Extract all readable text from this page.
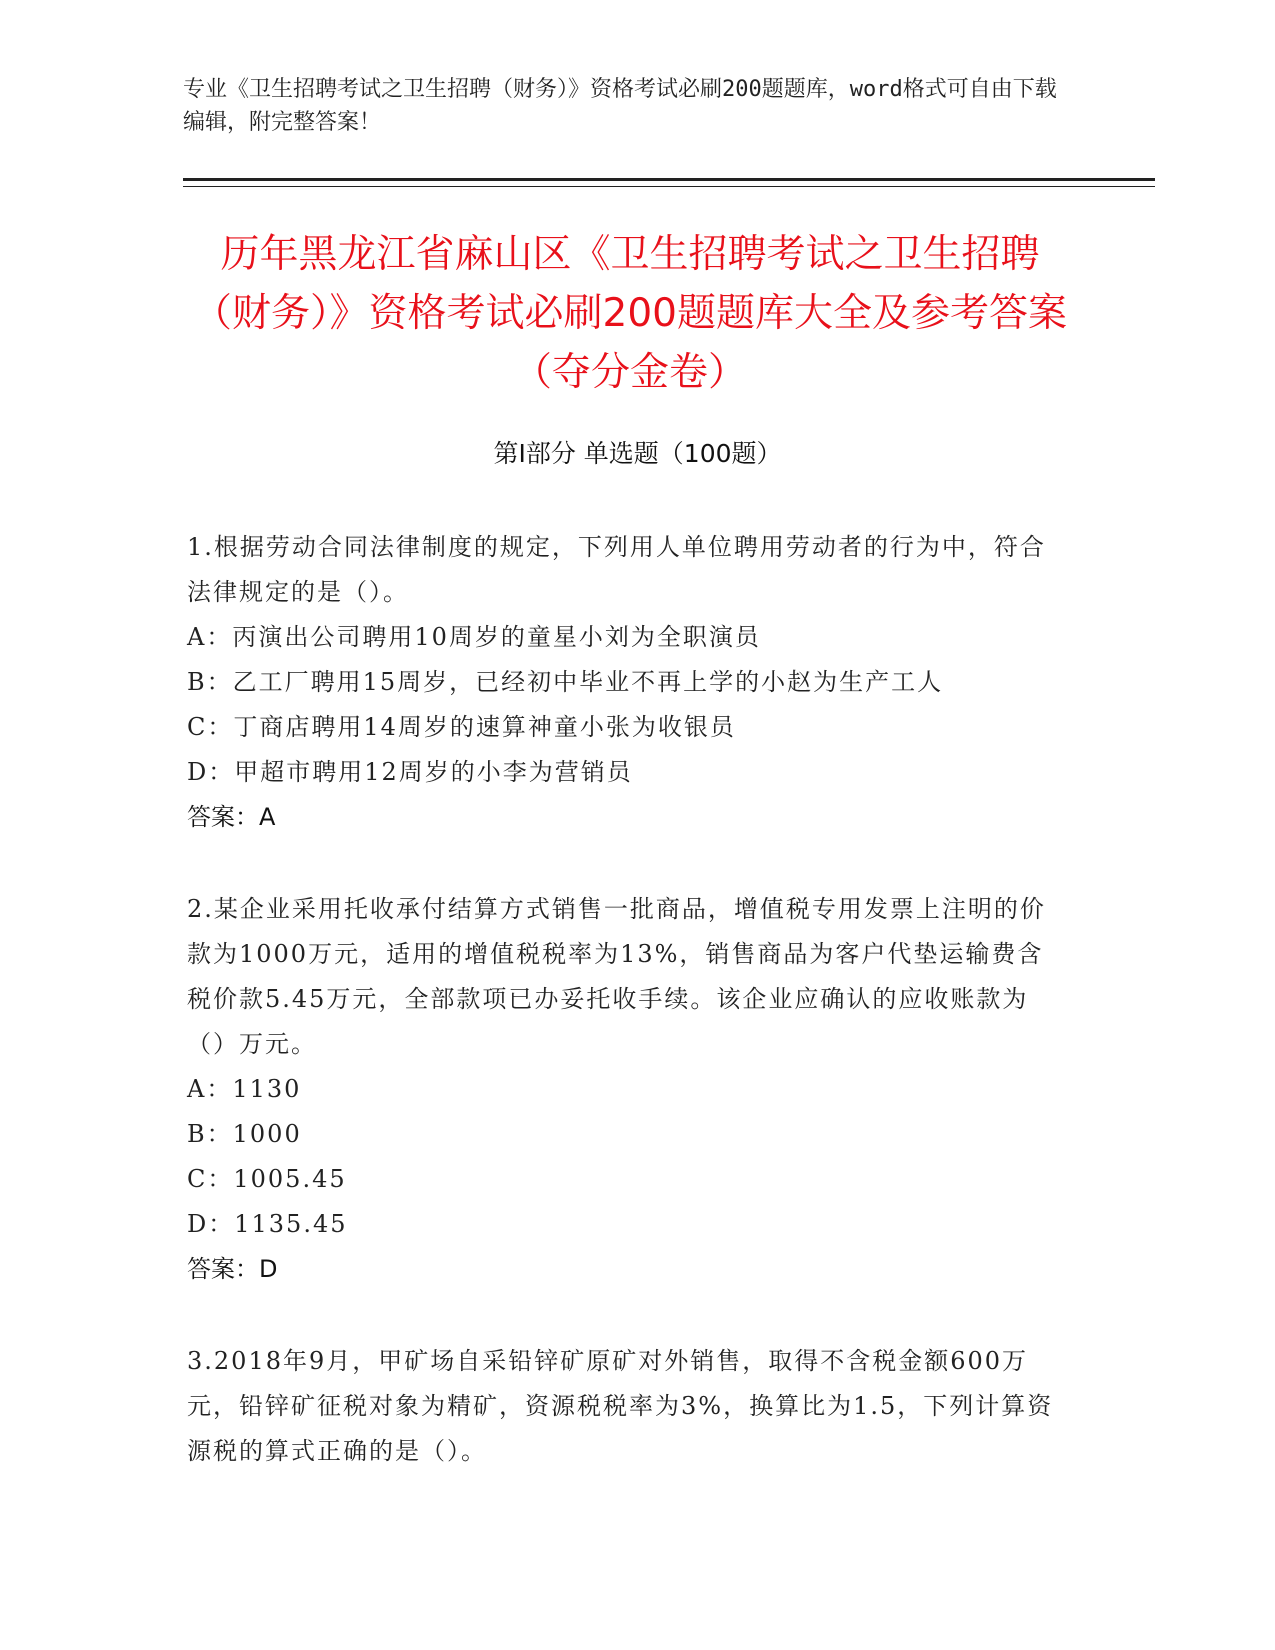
专业《卫生招聘考试之卫生招聘（财务）》资格考试必刷200题题库，word格式可自由下载编辑，附完整答案！
历年黑龙江省麻山区《卫生招聘考试之卫生招聘（财务）》资格考试必刷200题题库大全及参考答案（夺分金卷）
第I部分 单选题（100题）
1.根据劳动合同法律制度的规定，下列用人单位聘用劳动者的行为中，符合法律规定的是（）。
A：丙演出公司聘用10周岁的童星小刘为全职演员
B：乙工厂聘用15周岁，已经初中毕业不再上学的小赵为生产工人
C：丁商店聘用14周岁的速算神童小张为收银员
D：甲超市聘用12周岁的小李为营销员
答案：A
2.某企业采用托收承付结算方式销售一批商品，增值税专用发票上注明的价款为1000万元，适用的增值税税率为13%，销售商品为客户代垫运输费含税价款5.45万元，全部款项已办妥托收手续。该企业应确认的应收账款为（）万元。
A：1130
B：1000
C：1005.45
D：1135.45
答案：D
3.2018年9月，甲矿场自采铅锌矿原矿对外销售，取得不含税金额600万元，铅锌矿征税对象为精矿，资源税税率为3%，换算比为1.5，下列计算资源税的算式正确的是（）。
